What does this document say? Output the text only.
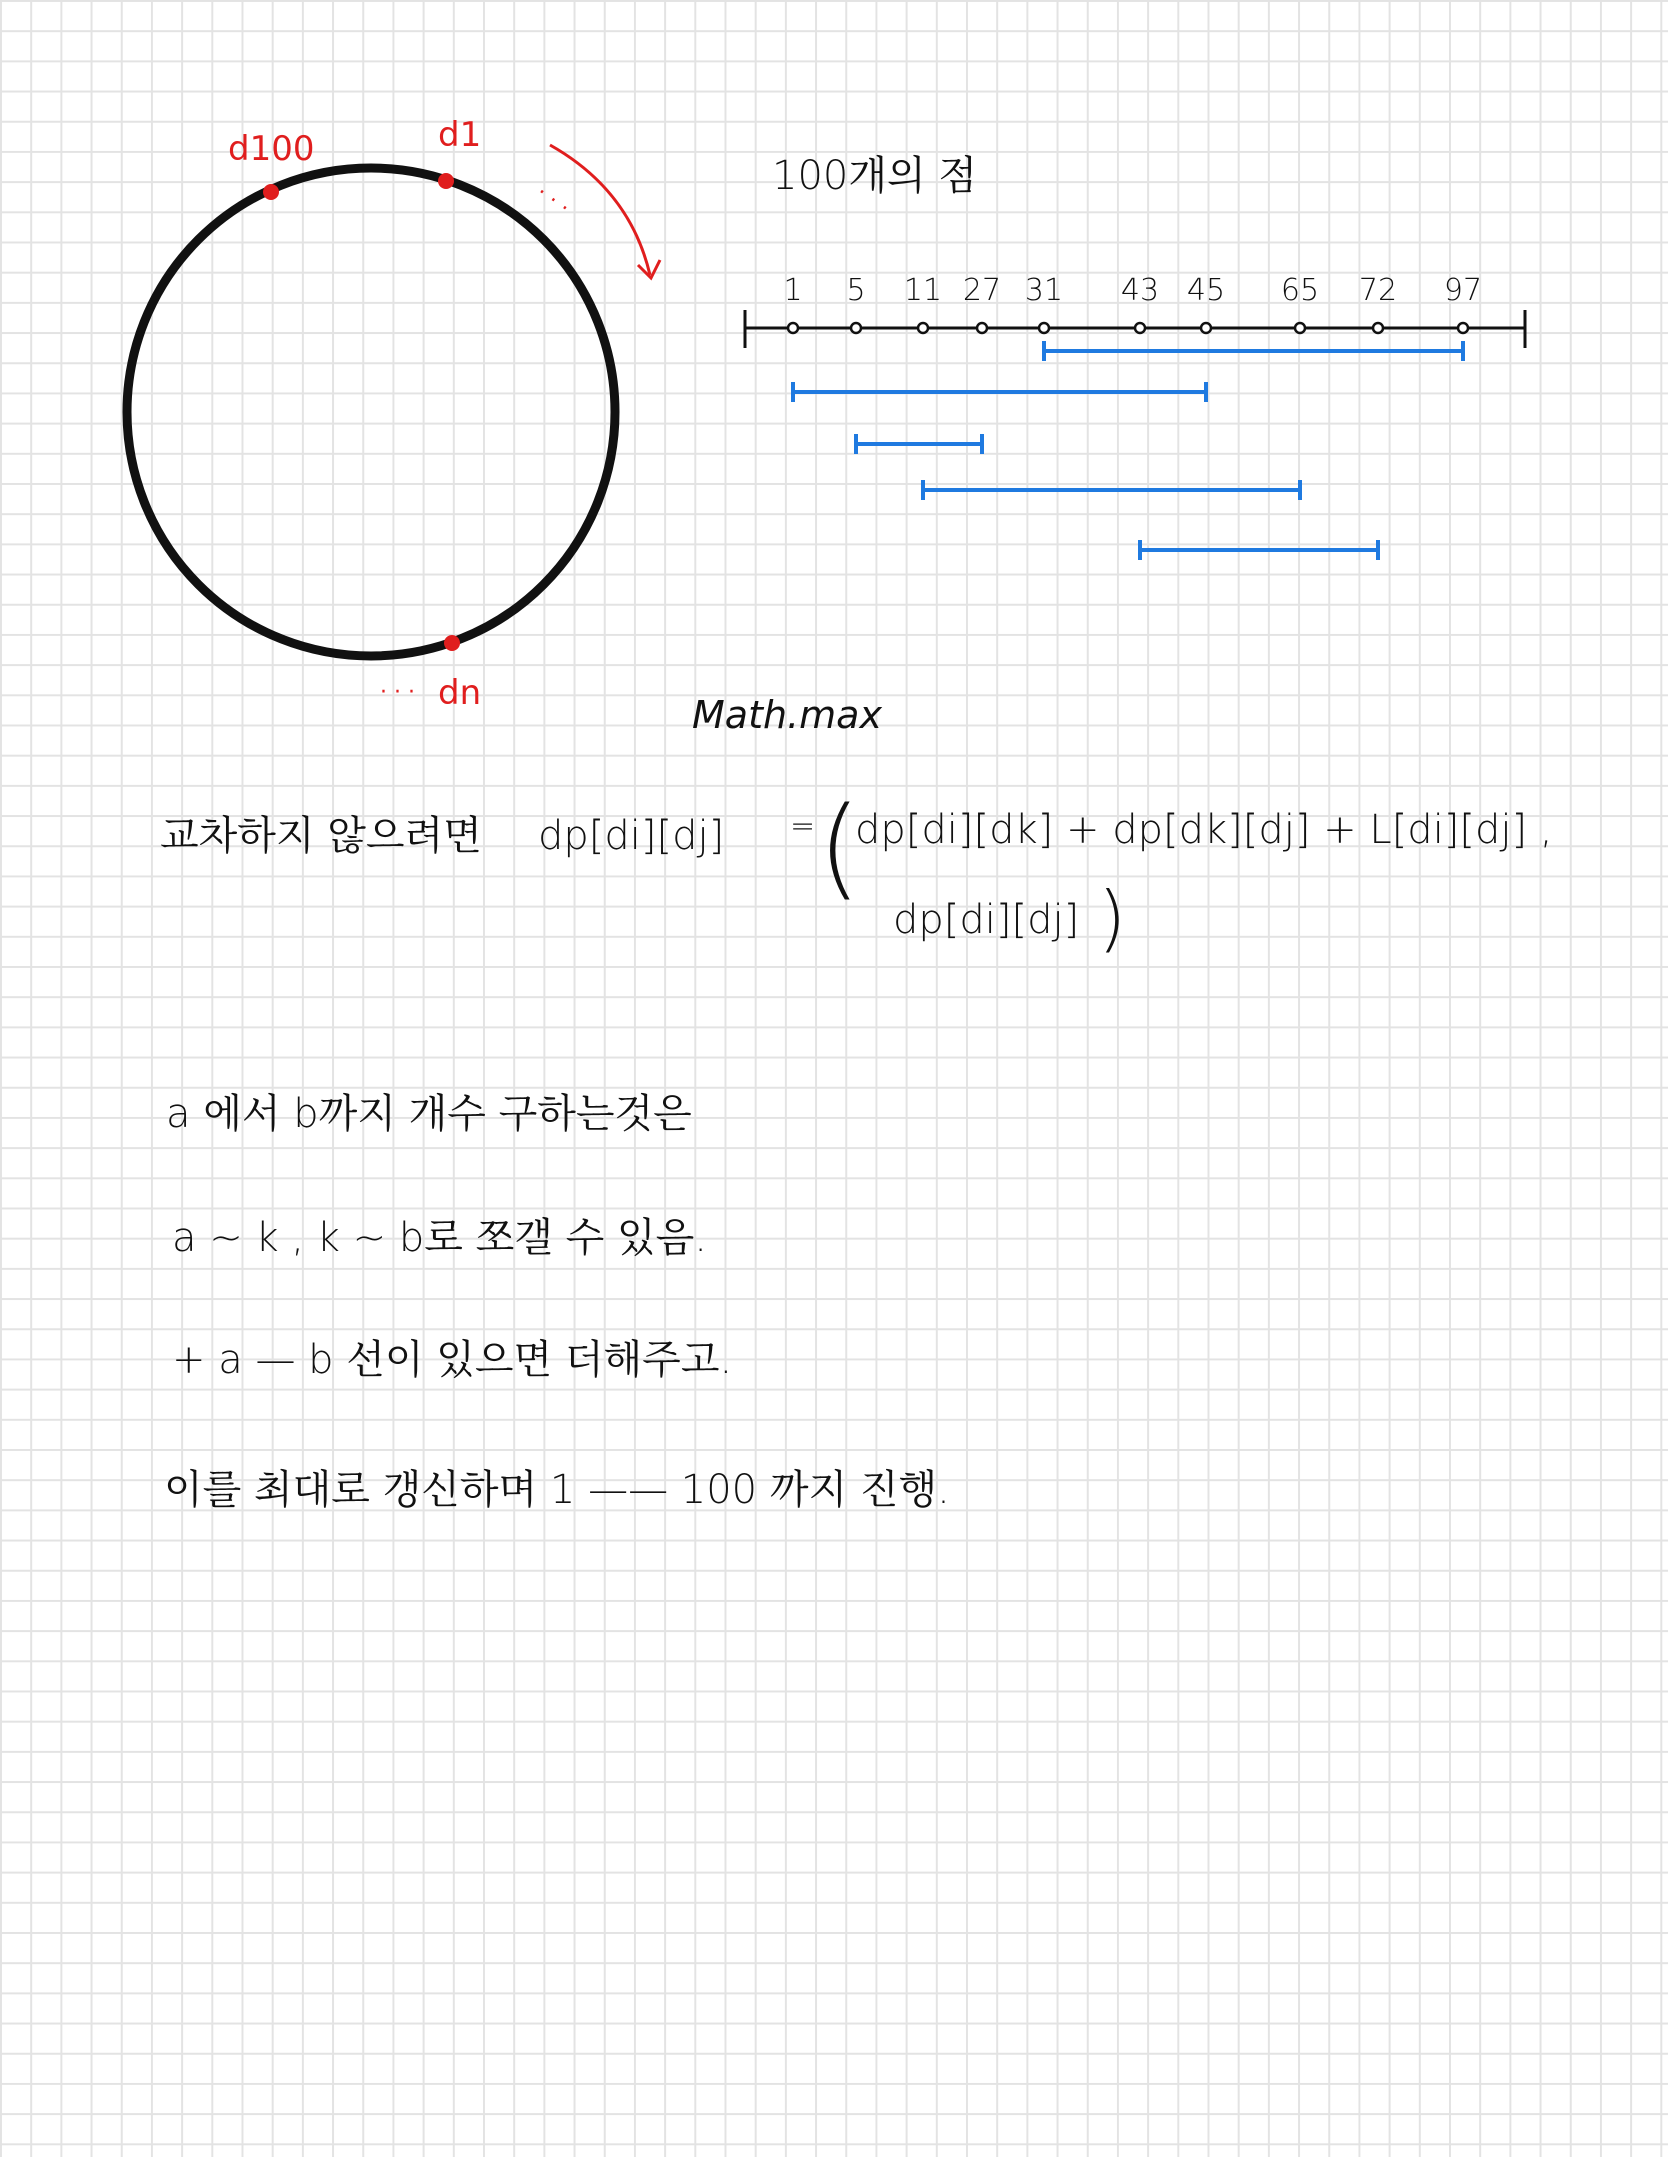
1 5 11 27 31 43 45 65 72 97
d100	d1
dn
· · ·
· · ·
100개의 점
Math.max
교차하지 않으려면 dp[di][dj] = (
dp[di][dk] + dp[dk][dj] + L[di][dj] ,
dp[di][dj] )
a 에서 b까지 개수 구하는것은
a ~ k , k ~ b로 쪼갤 수 있음.
+ a — b 선이 있으면 더해주고.
이를 최대로 갱신하며 1 —— 100 까지 진행.
